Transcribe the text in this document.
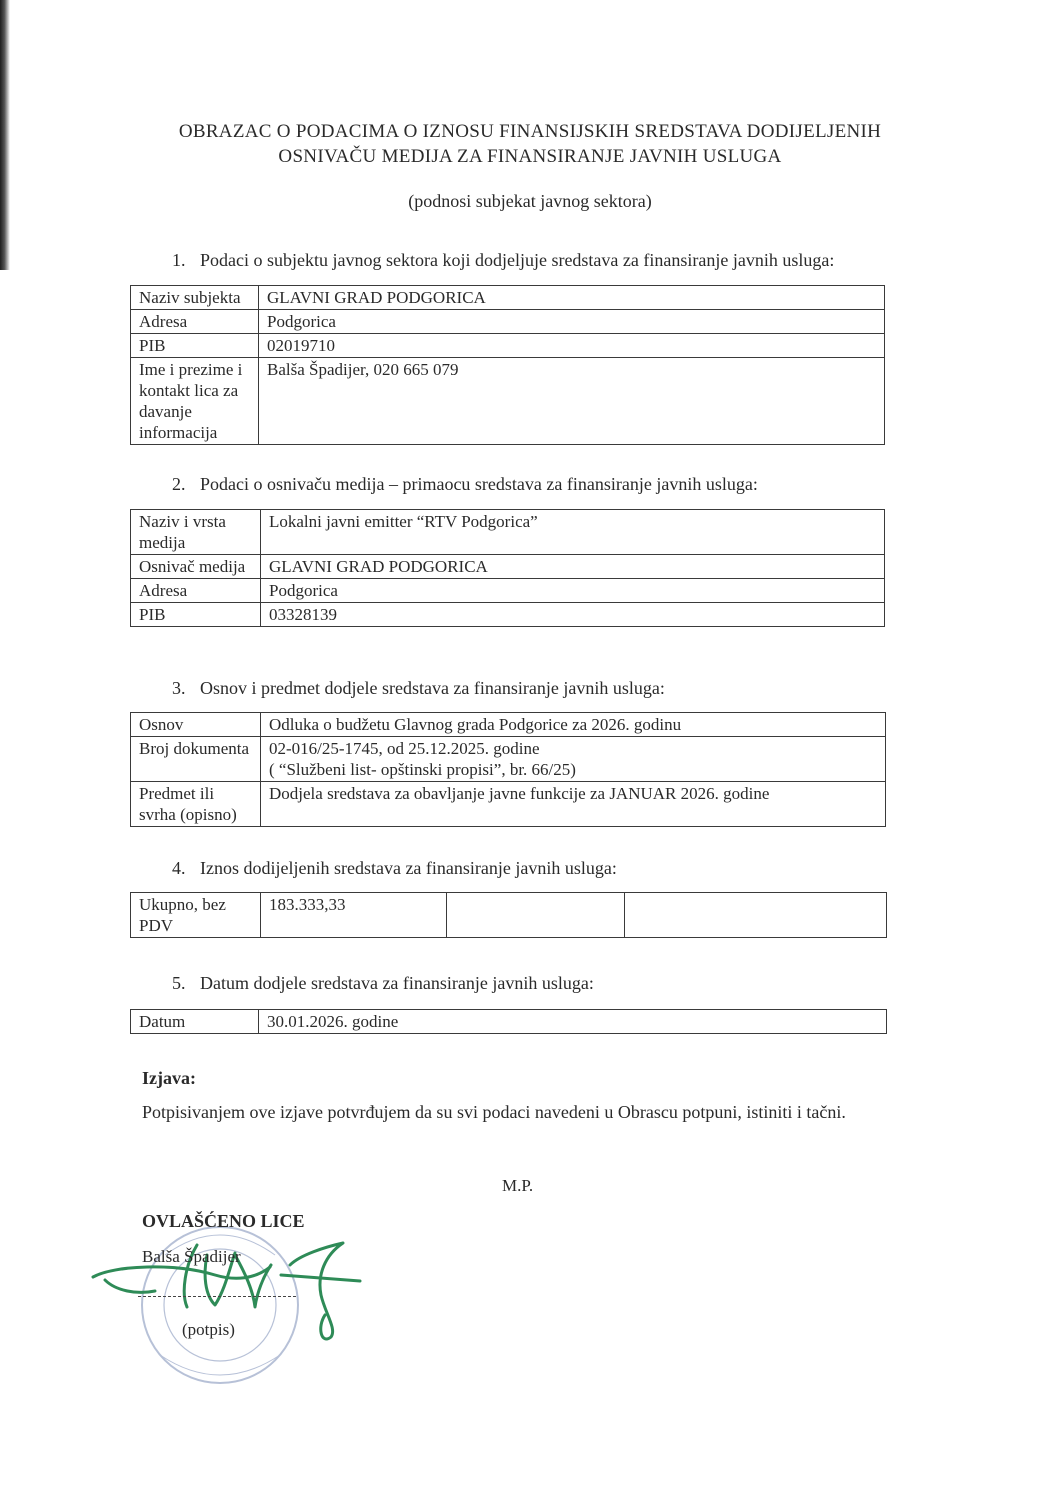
OBRAZAC O PODACIMA O IZNOSU FINANSIJSKIH SREDSTAVA DODIJELJENIH
OSNIVAČU MEDIJA ZA FINANSIRANJE JAVNIH USLUGA
(podnosi subjekat javnog sektora)
1. Podaci o subjektu javnog sektora koji dodjeljuje sredstava za finansiranje javnih usluga:
Naziv subjekta	GLAVNI GRAD PODGORICA
Adresa	Podgorica
PIB	02019710
Ime i prezime i kontakt lica za davanje informacija	Balša Špadijer, 020 665 079
2. Podaci o osnivaču medija – primaocu sredstava za finansiranje javnih usluga:
Naziv i vrsta medija	Lokalni javni emitter “RTV Podgorica”
Osnivač medija	GLAVNI GRAD PODGORICA
Adresa	Podgorica
PIB	03328139
3. Osnov i predmet dodjele sredstava za finansiranje javnih usluga:
Osnov	Odluka o budžetu Glavnog grada Podgorice za 2026. godinu

Broj dokumenta	02-016/25-1745, od 25.12.2025. godine
( “Službeni list- opštinski propisi”, br. 66/25)

Predmet ili svrha (opisno)	Dodjela sredstava za obavljanje javne funkcije za JANUAR 2026. godine
4. Iznos dodijeljenih sredstava za finansiranje javnih usluga:
Ukupno, bez PDV	183.333,33		
5. Datum dodjele sredstava za finansiranje javnih usluga:
Datum	30.01.2026. godine
Izjava:
Potpisivanjem ove izjave potvrđujem da su svi podaci navedeni u Obrascu potpuni, istiniti i tačni.
M.P.
OVLAŠĆENO LICE
Balša Špadijer
(potpis)
